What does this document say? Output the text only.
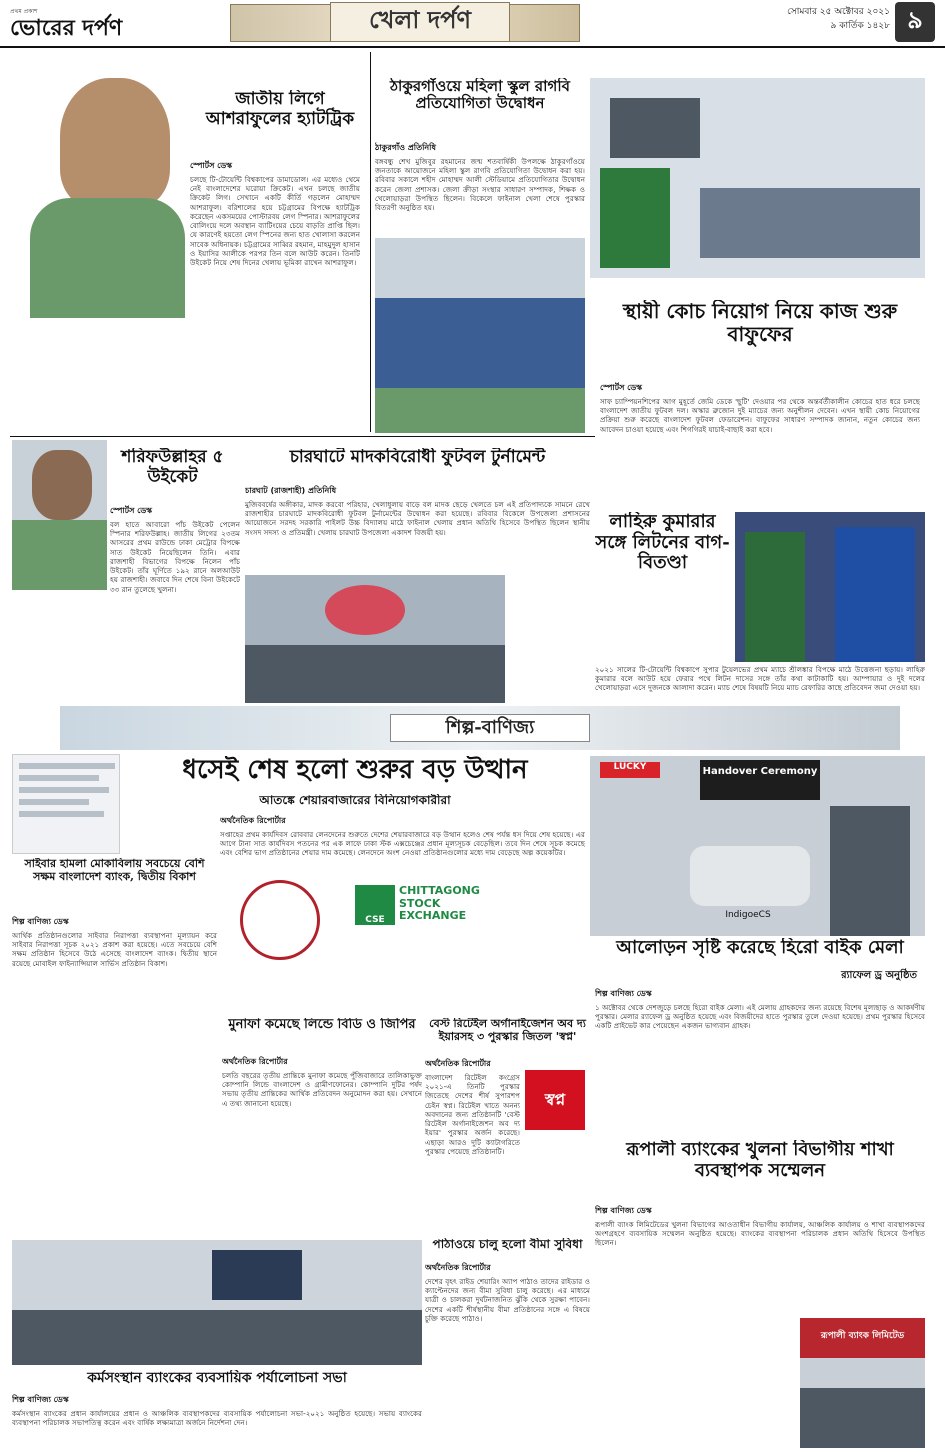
প্রথম প্রকাশ
ভোরের দর্পণ	খেলা দর্পণ	সোমবার ২৫ অক্টোবর ২০২১
৯ কার্তিক ১৪২৮ ৯
জাতীয় লিগে আশরাফুলের হ্যাটট্রিক
স্পোর্টস ডেস্ক
চলছে টি-টোয়েন্টি বিশ্বকাপের ডামাডোল। এর মধ্যেও থেমে নেই বাংলাদেশের ঘরোয়া ক্রিকেট। এখন চলছে জাতীয় ক্রিকেট লিগ। সেখানে একটি কীর্তি গড়লেন মোহাম্মদ আশরাফুল। বরিশালের হয়ে চট্টগ্রামের বিপক্ষে হ্যাটট্রিক করেছেন একসময়ের পোস্টারবয় লেগ স্পিনার। আশরাফুলের বোলিংয়ে দলে অবস্থান ব্যাটিংয়ের চেয়ে বাড়তি প্রাপ্তি ছিল। যে কারণেই হয়তো লেগ স্পিনের জন্য হাত খোলাসা করলেন সাবেক অধিনায়ক। চট্টগ্রামের সাব্বির রহমান, মাহমুদুল হাসান ও ইয়াসির আলীকে পরপর তিন বলে আউট করেন। তিনটি উইকেট নিয়ে শেষ দিনের খেলায় ভূমিকা রাখেন আশরাফুল।
ঠাকুরগাঁওয়ে মহিলা স্কুল রাগবি প্রতিযোগিতা উদ্বোধন
ঠাকুরগাঁও প্রতিনিধি
বঙ্গবন্ধু শেখ মুজিবুর রহমানের জন্ম শতবার্ষিকী উপলক্ষে ঠাকুরগাঁওয়ে জনতাকে আয়োজনে মহিলা স্কুল রাগবি প্রতিযোগিতা উদ্বোধন করা হয়। রবিবার সকালে শহীদ মোহাম্মদ আলী স্টেডিয়ামে প্রতিযোগিতার উদ্বোধন করেন জেলা প্রশাসক। জেলা ক্রীড়া সংস্থার সাধারণ সম্পাদক, শিক্ষক ও খেলোয়াড়রা উপস্থিত ছিলেন। বিকেলে ফাইনাল খেলা শেষে পুরস্কার বিতরণী অনুষ্ঠিত হয়।
স্থায়ী কোচ নিয়োগ নিয়ে কাজ শুরু বাফুফের
স্পোর্টস ডেস্ক
সাফ চ্যাম্পিয়নশিপের আগ মুহূর্তে জেমি ডেকে 'ছুটি' দেওয়ার পর থেকে অন্তর্বর্তীকালীন কোচের হাত ধরে চলছে বাংলাদেশ জাতীয় ফুটবল দল। অস্কার ব্রুজোন দুই ম্যাচের জন্য অনুশীলন দেবেন। এখন স্থায়ী কোচ নিয়োগের প্রক্রিয়া শুরু করেছে বাংলাদেশ ফুটবল ফেডারেশন। বাফুফের সাধারণ সম্পাদক জানান, নতুন কোচের জন্য আবেদন চাওয়া হয়েছে এবং শিগগিরই যাচাই-বাছাই করা হবে।
শরিফউল্লাহর ৫ উইকেট
স্পোর্টস ডেস্ক
বল হাতে আবারো পাঁচ উইকেট পেলেন স্পিনার শরিফউল্লাহ। জাতীয় লিগের ২৩তম আসরের প্রথম রাউন্ডে ঢাকা মেট্রোর বিপক্ষে সাত উইকেট নিয়েছিলেন তিনি। এবার রাজশাহী বিভাগের বিপক্ষে নিলেন পাঁচ উইকেট। তাঁর ঘূর্ণিতে ১৯২ রানে অলআউট হয় রাজশাহী। জবাবে দিন শেষে বিনা উইকেটে ৩৩ রান তুলেছে খুলনা।
চারঘাটে মাদকবিরোধী ফুটবল টুর্নামেন্ট
চারঘাট (রাজশাহী) প্রতিনিধি
মুজিববর্ষের অঙ্গীকার, মাদক করবো পরিহার, খেলাধুলায় বাড়ে বল মাদক ছেড়ে খেলতে চল এই প্রতিপাদ্যকে সামনে রেখে রাজশাহীর চারঘাটে মাদকবিরোধী ফুটবল টুর্নামেন্টের উদ্বোধন করা হয়েছে। রবিবার বিকেলে উপজেলা প্রশাসনের আয়োজনে সরদহ সরকারি পাইলট উচ্চ বিদ্যালয় মাঠে ফাইনাল খেলায় প্রধান অতিথি হিসেবে উপস্থিত ছিলেন স্থানীয় সংসদ সদস্য ও প্রতিমন্ত্রী। খেলায় চারঘাট উপজেলা একাদশ বিজয়ী হয়।
লাহিরু কুমারার সঙ্গে লিটনের বাগ-বিতণ্ডা
২০২১ সালের টি-টোয়েন্টি বিশ্বকাপে সুপার টুয়েলভের প্রথম ম্যাচে শ্রীলঙ্কার বিপক্ষে মাঠে উত্তেজনা ছড়ায়। লাহিরু কুমারার বলে আউট হয়ে ফেরার পথে লিটন দাসের সঙ্গে তাঁর কথা কাটাকাটি হয়। আম্পায়ার ও দুই দলের খেলোয়াড়রা এসে দুজনকে আলাদা করেন। ম্যাচ শেষে বিষয়টি নিয়ে ম্যাচ রেফারির কাছে প্রতিবেদন জমা দেওয়া হয়।
শিল্প-বাণিজ্য
ধসেই শেষ হলো শুরুর বড় উত্থান
আতঙ্কে শেয়ারবাজারের বিনিয়োগকারীরা
অর্থনৈতিক রিপোর্টার
সপ্তাহের প্রথম কার্যদিবস রোববার লেনদেনের শুরুতে দেশের শেয়ারবাজারে বড় উত্থান হলেও শেষ পর্যন্ত ধস দিয়ে শেষ হয়েছে। এর আগে টানা সাত কার্যদিবস পতনের পর এক লাফে ঢাকা স্টক এক্সচেঞ্জের প্রধান মূল্যসূচক বেড়েছিল। তবে দিন শেষে সূচক কমেছে এবং বেশির ভাগ প্রতিষ্ঠানের শেয়ার দাম কমেছে। লেনদেনে অংশ নেওয়া প্রতিষ্ঠানগুলোর মধ্যে দাম বেড়েছে অল্প কয়েকটির।
CSE
CHITTAGONG STOCK EXCHANGE
সাইবার হামলা মোকাবিলায় সবচেয়ে বেশি সক্ষম বাংলাদেশ ব্যাংক, দ্বিতীয় বিকাশ
শিল্প বাণিজ্য ডেস্ক
আর্থিক প্রতিষ্ঠানগুলোর সাইবার নিরাপত্তা ব্যবস্থাপনা মূল্যায়ন করে সাইবার নিরাপত্তা সূচক ২০২১ প্রকাশ করা হয়েছে। এতে সবচেয়ে বেশি সক্ষম প্রতিষ্ঠান হিসেবে উঠে এসেছে বাংলাদেশ ব্যাংক। দ্বিতীয় স্থানে রয়েছে মোবাইল ফাইন্যান্সিয়াল সার্ভিস প্রতিষ্ঠান বিকাশ।
Handover Ceremony
LUCKY
IndigoeCS
আলোড়ন সৃষ্টি করেছে হিরো বাইক মেলা
র‍্যাফেল ড্র অনুষ্ঠিত
শিল্প বাণিজ্য ডেস্ক
১ অক্টোবর থেকে দেশজুড়ে চলছে হিরো বাইক মেলা। এই মেলায় গ্রাহকদের জন্য রয়েছে বিশেষ মূল্যছাড় ও আকর্ষণীয় পুরস্কার। মেলার র‍্যাফেল ড্র অনুষ্ঠিত হয়েছে এবং বিজয়ীদের হাতে পুরস্কার তুলে দেওয়া হয়েছে। প্রথম পুরস্কার হিসেবে একটি প্রাইভেট কার পেয়েছেন একজন ভাগ্যবান গ্রাহক।
মুনাফা কমেছে লিন্ডে বিডি ও জিপির
অর্থনৈতিক রিপোর্টার
চলতি বছরের তৃতীয় প্রান্তিকে মুনাফা কমেছে পুঁজিবাজারে তালিকাভুক্ত কোম্পানি লিন্ডে বাংলাদেশ ও গ্রামীণফোনের। কোম্পানি দুটির পর্ষদ সভায় তৃতীয় প্রান্তিকের আর্থিক প্রতিবেদন অনুমোদন করা হয়। সেখানে এ তথ্য জানানো হয়েছে।
বেস্ট রিটেইল অর্গানাইজেশন অব দ্য ইয়ারসহ ৩ পুরস্কার জিতল 'স্বপ্ন'
অর্থনৈতিক রিপোর্টার
স্বপ্ন
বাংলাদেশ রিটেইল কংগ্রেস ২০২১-এ তিনটি পুরস্কার জিতেছে দেশের শীর্ষ সুপারশপ চেইন স্বপ্ন। রিটেইল খাতে অনন্য অবদানের জন্য প্রতিষ্ঠানটি 'বেস্ট রিটেইল অর্গানাইজেশন অব দ্য ইয়ার' পুরস্কার অর্জন করেছে। এছাড়া আরও দুটি ক্যাটাগরিতে পুরস্কার পেয়েছে প্রতিষ্ঠানটি।	রূপালী ব্যাংকের খুলনা বিভাগীয় শাখা ব্যবস্থাপক সম্মেলন
শিল্প বাণিজ্য ডেস্ক
রূপালী ব্যাংক লিমিটেডের খুলনা বিভাগের আওতাধীন বিভাগীয় কার্যালয়, আঞ্চলিক কার্যালয় ও শাখা ব্যবস্থাপকদের অংশগ্রহণে ব্যবসায়িক সম্মেলন অনুষ্ঠিত হয়েছে। ব্যাংকের ব্যবস্থাপনা পরিচালক প্রধান অতিথি হিসেবে উপস্থিত ছিলেন।
রূপালী ব্যাংক লিমিটেড
পাঠাওয়ে চালু হলো বীমা সুবিধা
অর্থনৈতিক রিপোর্টার
দেশের বৃহৎ রাইড শেয়ারিং অ্যাপ পাঠাও তাদের রাইডার ও ক্যাপ্টেনদের জন্য বীমা সুবিধা চালু করেছে। এর মাধ্যমে যাত্রী ও চালকরা দুর্ঘটনাজনিত ঝুঁকি থেকে সুরক্ষা পাবেন। দেশের একটি শীর্ষস্থানীয় বীমা প্রতিষ্ঠানের সঙ্গে এ বিষয়ে চুক্তি করেছে পাঠাও।
কর্মসংস্থান ব্যাংকের ব্যবসায়িক পর্যালোচনা সভা
শিল্প বাণিজ্য ডেস্ক
কর্মসংস্থান ব্যাংকের প্রধান কার্যালয়ের প্রধান ও আঞ্চলিক ব্যবস্থাপকদের ব্যবসায়িক পর্যালোচনা সভা-২০২১ অনুষ্ঠিত হয়েছে। সভায় ব্যাংকের ব্যবস্থাপনা পরিচালক সভাপতিত্ব করেন এবং বার্ষিক লক্ষ্যমাত্রা অর্জনে নির্দেশনা দেন।
